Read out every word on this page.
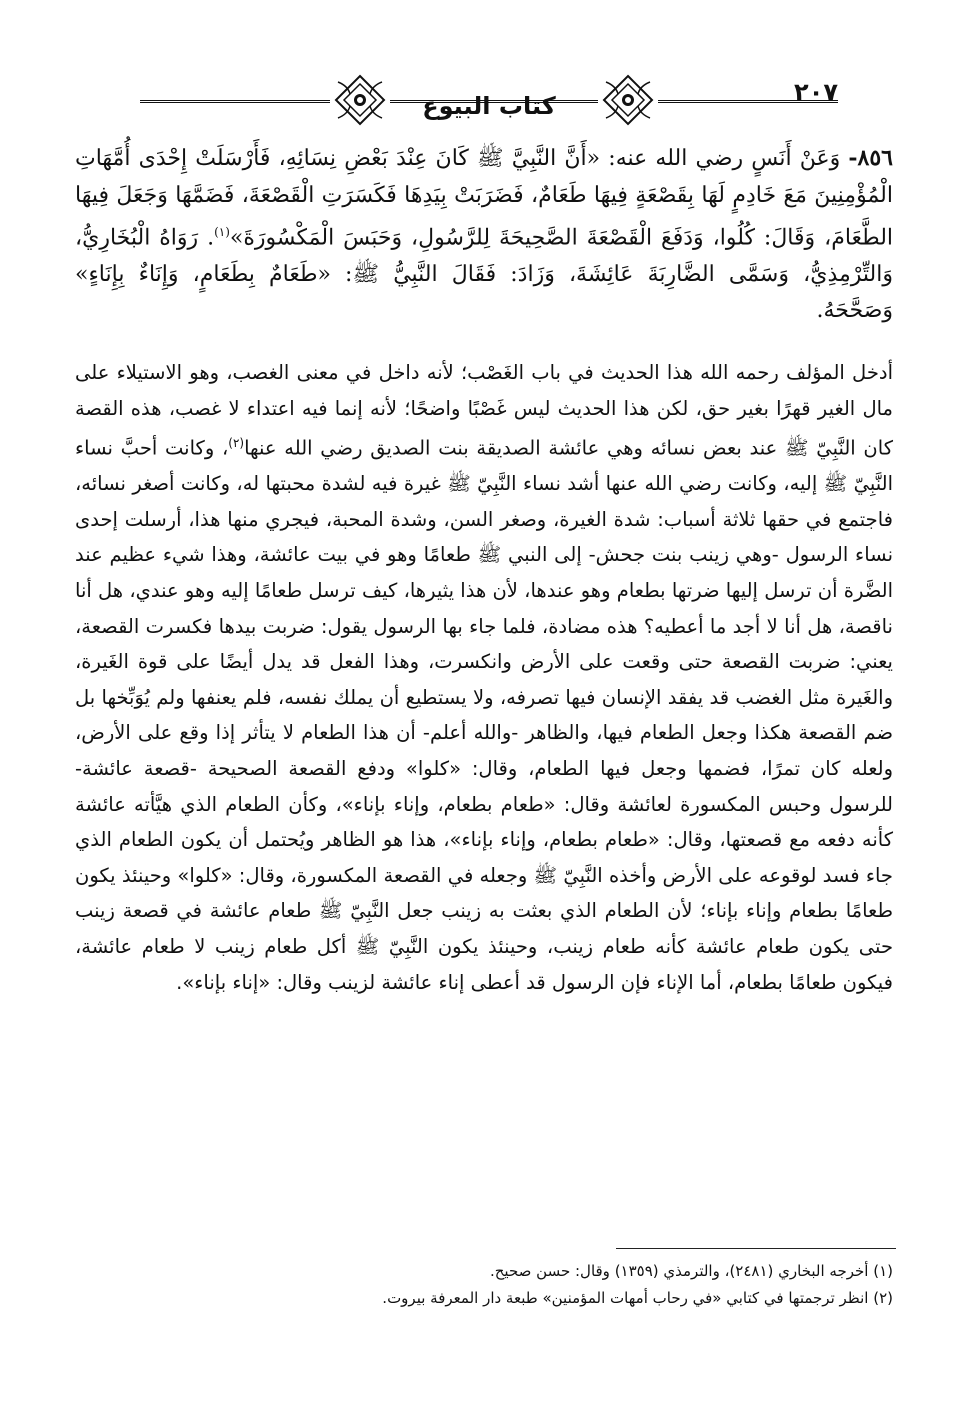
٢٠٧
كتاب البيوع
٨٥٦- وَعَنْ أَنَسٍ رضي الله عنه: «أَنَّ النَّبِيَّ ﷺ كَانَ عِنْدَ بَعْضِ نِسَائِهِ، فَأَرْسَلَتْ إِحْدَى أُمَّهَاتِ الْمُؤْمِنِينَ مَعَ خَادِمٍ لَهَا بِقَصْعَةٍ فِيهَا طَعَامٌ، فَضَرَبَتْ بِيَدِهَا فَكَسَرَتِ الْقَصْعَةَ، فَضَمَّهَا وَجَعَلَ فِيهَا الطَّعَامَ، وَقَالَ: كُلُوا، وَدَفَعَ الْقَصْعَةَ الصَّحِيحَةَ لِلرَّسُولِ، وَحَبَسَ الْمَكْسُورَةَ»$^{(١)}$. رَوَاهُ الْبُخَارِيُّ، وَالتِّرْمِذِيُّ، وَسَمَّى الضَّارِبَةَ عَائِشَةَ، وَزَادَ: فَقَالَ النَّبِيُّ ﷺ: «طَعَامٌ بِطَعَامٍ، وَإِنَاءٌ بِإِنَاءٍ» وَصَحَّحَهُ.
أدخل المؤلف رحمه الله هذا الحديث في باب الغَصْب؛ لأنه داخل في معنى الغصب، وهو الاستيلاء على مال الغير قهرًا بغير حق، لكن هذا الحديث ليس غَصْبًا واضحًا؛ لأنه إنما فيه اعتداء لا غصب، هذه القصة كان النَّبِيّ ﷺ عند بعض نسائه وهي عائشة الصديقة بنت الصديق رضي الله عنها$^{(٢)}$، وكانت أحبَّ نساء النَّبِيّ ﷺ إليه، وكانت رضي الله عنها أشد نساء النَّبِيّ ﷺ غيرة فيه لشدة محبتها له، وكانت أصغر نسائه، فاجتمع في حقها ثلاثة أسباب: شدة الغيرة، وصغر السن، وشدة المحبة، فيجري منها هذا، أرسلت إحدى نساء الرسول -وهي زينب بنت جحش- إلى النبي ﷺ طعامًا وهو في بيت عائشة، وهذا شيء عظيم عند الضَّرة أن ترسل إليها ضرتها بطعام وهو عندها، لأن هذا يثيرها، كيف ترسل طعامًا إليه وهو عندي، هل أنا ناقصة، هل أنا لا أجد ما أعطيه؟ هذه مضادة، فلما جاء بها الرسول يقول: ضربت بيدها فكسرت القصعة، يعني: ضربت القصعة حتى وقعت على الأرض وانكسرت، وهذا الفعل قد يدل أيضًا على قوة الغَيرة، والغَيرة مثل الغضب قد يفقد الإنسان فيها تصرفه، ولا يستطيع أن يملك نفسه، فلم يعنفها ولم يُوَبِّخها بل ضم القصعة هكذا وجعل الطعام فيها، والظاهر -والله أعلم- أن هذا الطعام لا يتأثر إذا وقع على الأرض، ولعله كان تمرًا، فضمها وجعل فيها الطعام، وقال: «كلوا» ودفع القصعة الصحيحة -قصعة عائشة- للرسول وحبس المكسورة لعائشة وقال: «طعام بطعام، وإناء بإناء»، وكأن الطعام الذي هيَّأته عائشة كأنه دفعه مع قصعتها، وقال: «طعام بطعام، وإناء بإناء»، هذا هو الظاهر ويُحتمل أن يكون الطعام الذي جاء فسد لوقوعه على الأرض وأخذه النَّبِيّ ﷺ وجعله في القصعة المكسورة، وقال: «كلوا» وحينئذ يكون طعامًا بطعام وإناء بإناء؛ لأن الطعام الذي بعثت به زينب جعل النَّبِيّ ﷺ طعام عائشة في قصعة زينب حتى يكون طعام عائشة كأنه طعام زينب، وحينئذ يكون النَّبِيّ ﷺ أكل طعام زينب لا طعام عائشة، فيكون طعامًا بطعام، أما الإناء فإن الرسول قد أعطى إناء عائشة لزينب وقال: «إناء بإناء».
(١) أخرجه البخاري (٢٤٨١)، والترمذي (١٣٥٩) وقال: حسن صحيح.
(٢) انظر ترجمتها في كتابي «في رحاب أمهات المؤمنين» طبعة دار المعرفة بيروت.
